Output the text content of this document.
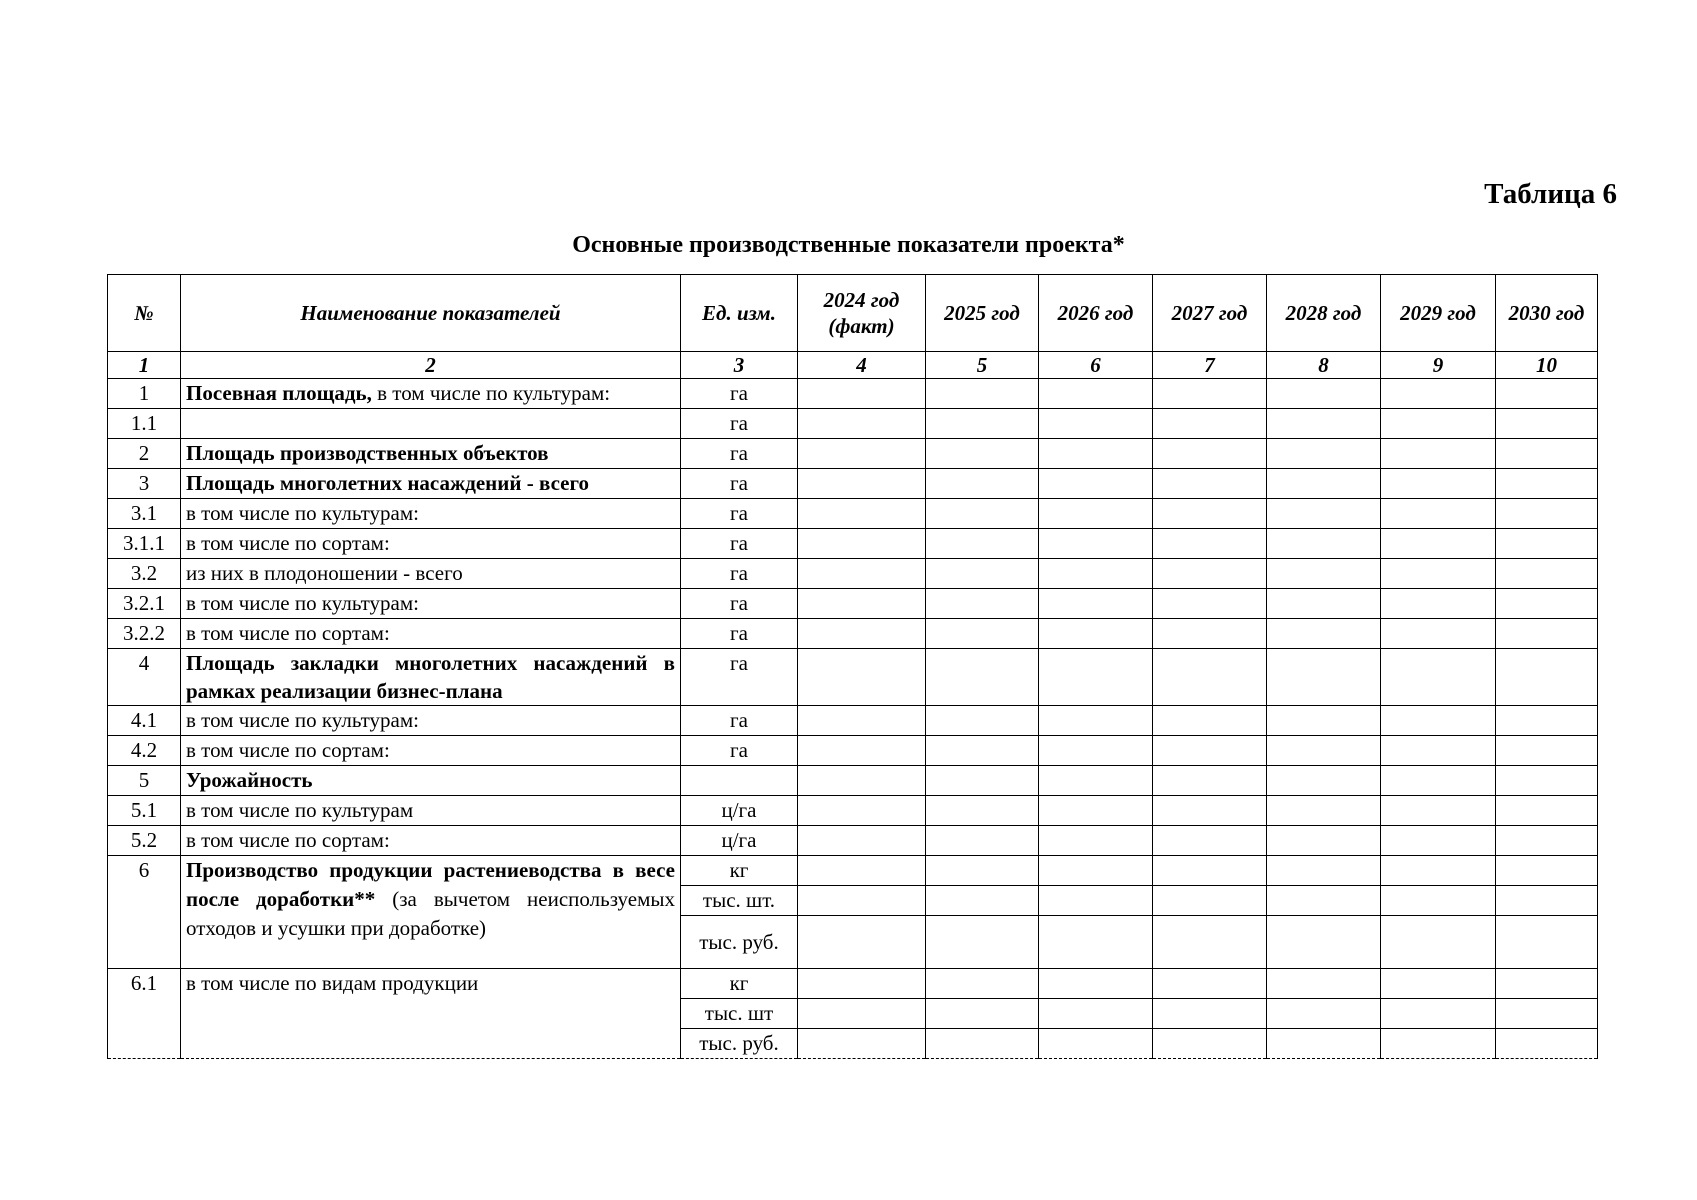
Таблица 6
Основные производственные показатели проекта*
№	Наименование показателей	Ед. изм.	2024 год (факт)	2025 год	2026 год	2027 год	2028 год	2029 год	2030 год
1	2	3	4	5	6	7	8	9	10
1	Посевная площадь, в том числе по культурам:	га							
1.1		га							
2	Площадь производственных объектов	га							
3	Площадь многолетних насаждений - всего	га							
3.1	в том числе по культурам:	га							
3.1.1	в том числе по сортам:	га							
3.2	из них в плодоношении - всего	га							
3.2.1	в том числе по культурам:	га							
3.2.2	в том числе по сортам:	га							
4	Площадь закладки многолетних насаждений в рамках реализации бизнес-плана	га							
4.1	в том числе по культурам:	га							
4.2	в том числе по сортам:	га							
5	Урожайность								
5.1	в том числе по культурам	ц/га							
5.2	в том числе по сортам:	ц/га							
6	Производство продукции растениеводства в весе после доработки** (за вычетом неиспользуемых отходов и усушки при доработке)	кг							
		тыс. шт.							
		тыс. руб.							
6.1	в том числе по видам продукции	кг							
		тыс. шт							
		тыс. руб.							
